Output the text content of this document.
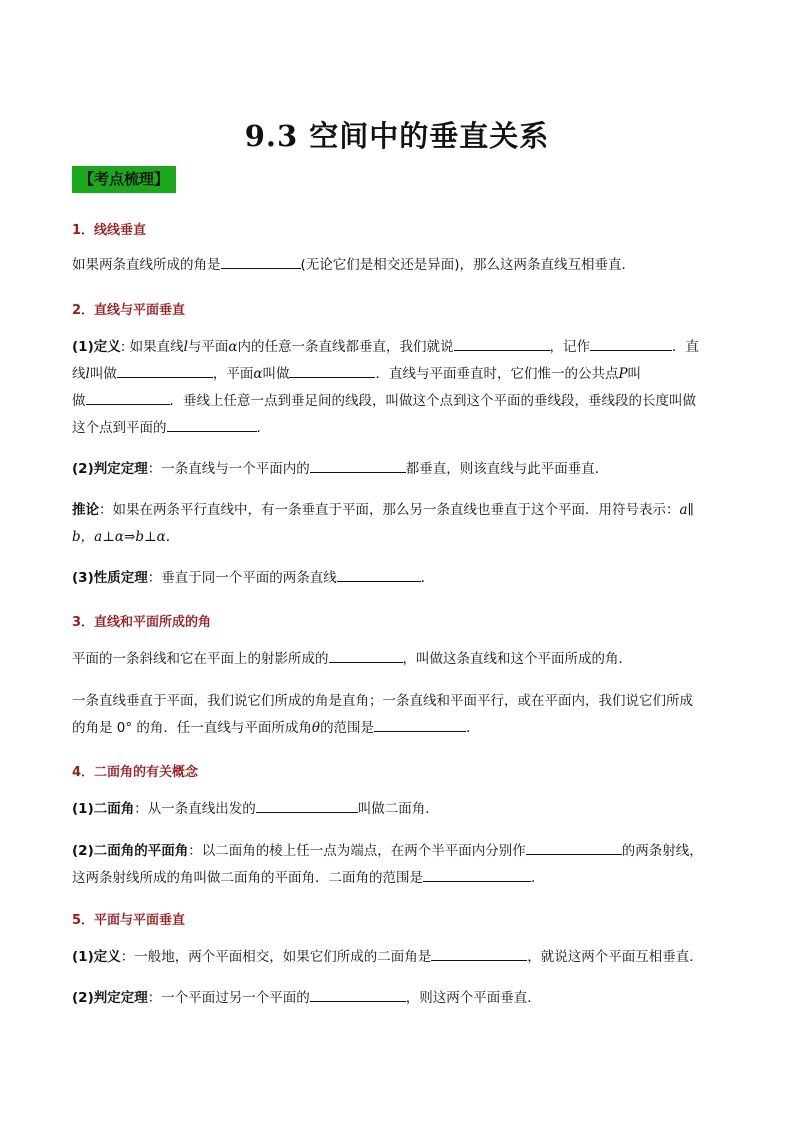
9.3 空间中的垂直关系
【考点梳理】
1．线线垂直
如果两条直线所成的角是	(无论它们是相交还是异面)，那么这两条直线互相垂直．
2．直线与平面垂直
(1)定义: 如果直线l与平面α内的任意一条直线都垂直，我们就说	，记作	．直
线l叫做	，平面α叫做	．直线与平面垂直时，它们惟一的公共点P叫
做	．垂线上任意一点到垂足间的线段，叫做这个点到这个平面的垂线段，垂线段的长度叫做
这个点到平面的	．
(2)判定定理：一条直线与一个平面内的	都垂直，则该直线与此平面垂直．
推论：如果在两条平行直线中，有一条垂直于平面，那么另一条直线也垂直于这个平面．用符号表示：a∥
b，a⊥α⇒b⊥α.
(3)性质定理：垂直于同一个平面的两条直线	．
3．直线和平面所成的角
平面的一条斜线和它在平面上的射影所成的	，叫做这条直线和这个平面所成的角．
一条直线垂直于平面，我们说它们所成的角是直角；一条直线和平面平行，或在平面内，我们说它们所成
的角是 0° 的角．任一直线与平面所成角θ的范围是	．
4．二面角的有关概念
(1)二面角：从一条直线出发的	叫做二面角．
(2)二面角的平面角：以二面角的棱上任一点为端点，在两个半平面内分别作	的两条射线，
这两条射线所成的角叫做二面角的平面角．二面角的范围是	．
5．平面与平面垂直
(1)定义：一般地，两个平面相交，如果它们所成的二面角是	，就说这两个平面互相垂直．
(2)判定定理：一个平面过另一个平面的	，则这两个平面垂直．
